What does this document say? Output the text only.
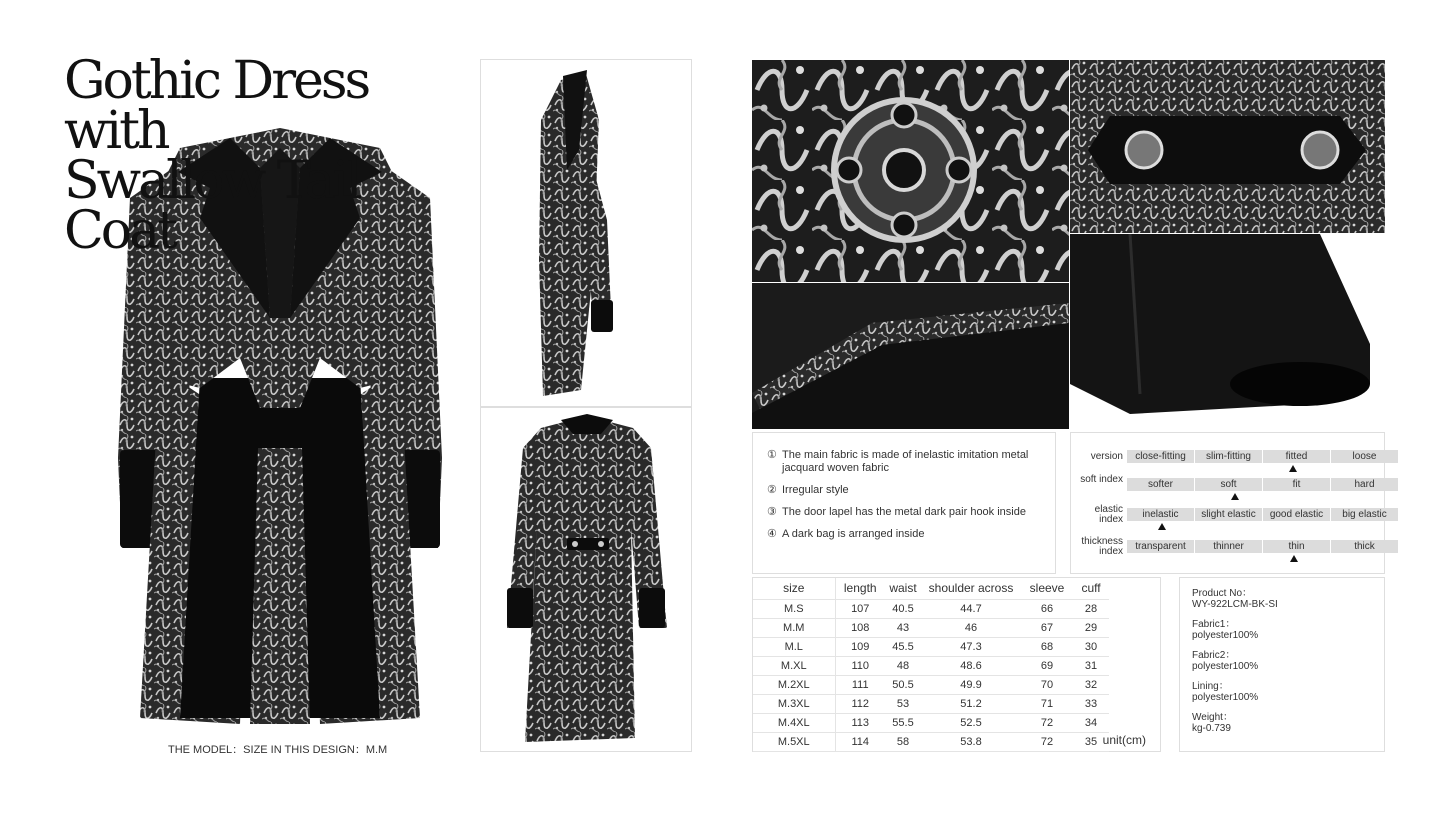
Gothic Dress with
Swallow Tail Coat
THE MODEL：SIZE IN THIS DESIGN：M.M
① The main fabric is made of inelastic imitation metal jacquard woven fabric
② Irregular style
③ The door lapel has the metal dark pair hook inside
④ A dark bag is arranged inside
version	close-fitting	slim-fitting	fitted	loose
soft index	softer	soft	fit	hard
elastic index	inelastic	slight elastic	good elastic	big elastic
thickness index	transparent	thinner	thin	thick
size	length	waist	shoulder across	sleeve	cuff
M.S	107	40.5	44.7	66	28
M.M	108	43	46	67	29
M.L	109	45.5	47.3	68	30
M.XL	110	48	48.6	69	31
M.2XL	111	50.5	49.9	70	32
M.3XL	112	53	51.2	71	33
M.4XL	113	55.5	52.5	72	34
M.5XL	114	58	53.8	72	35 unit(cm)
Product No：
WY-922LCM-BK-SI
Fabric1：
polyester100%
Fabric2：
polyester100%
Lining：
polyester100%
Weight：
kg-0.739
